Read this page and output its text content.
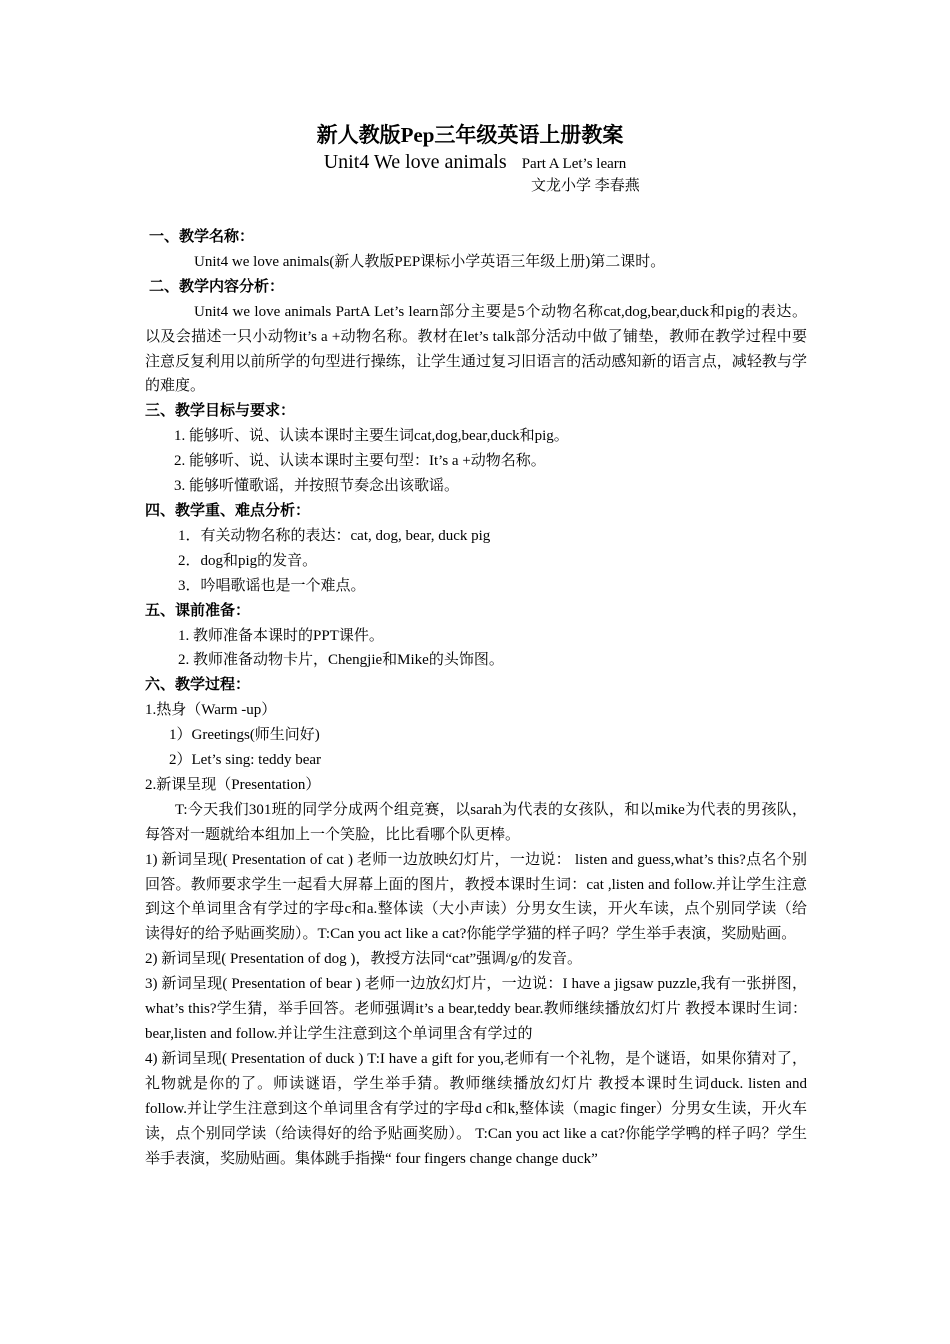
新人教版Pep三年级英语上册教案
Unit4 We love animals Part A Let’s learn
文龙小学 李春燕

一、教学名称：

Unit4 we love animals(新人教版PEP课标小学英语三年级上册)第二课时。

二、教学内容分析：

Unit4 we love animals PartA Let’s learn部分主要是5个动物名称cat,dog,bear,duck和pig的表达。以及会描述一只小动物it’s a +动物名称。教材在let’s talk部分活动中做了铺垫，教师在教学过程中要注意反复利用以前所学的句型进行操练，让学生通过复习旧语言的活动感知新的语言点，减轻教与学的难度。

三、教学目标与要求：

1. 能够听、说、认读本课时主要生词cat,dog,bear,duck和pig。

2. 能够听、说、认读本课时主要句型：It’s a +动物名称。

3. 能够听懂歌谣，并按照节奏念出该歌谣。

四、教学重、难点分析：

1．有关动物名称的表达：cat, dog, bear, duck pig

2．dog和pig的发音。

3．吟唱歌谣也是一个难点。

五、课前准备：

1. 教师准备本课时的PPT课件。

2. 教师准备动物卡片，Chengjie和Mike的头饰图。

六、教学过程：

1.热身（Warm -up）

1）Greetings(师生问好)

2）Let’s sing: teddy bear

2.新课呈现（Presentation）

T:今天我们301班的同学分成两个组竞赛，以sarah为代表的女孩队，和以mike为代表的男孩队，每答对一题就给本组加上一个笑脸，比比看哪个队更棒。

1) 新词呈现( Presentation of cat ) 老师一边放映幻灯片，一边说： listen and guess,what’s this?点名个别回答。教师要求学生一起看大屏幕上面的图片，教授本课时生词：cat ,listen and follow.并让学生注意到这个单词里含有学过的字母c和a.整体读（大小声读）分男女生读，开火车读，点个别同学读（给读得好的给予贴画奖励）。T:Can you act like a cat?你能学学猫的样子吗？学生举手表演，奖励贴画。

2) 新词呈现( Presentation of dog )，教授方法同“cat”强调/g/的发音。

3) 新词呈现( Presentation of bear ) 老师一边放幻灯片，一边说：I have a jigsaw puzzle,我有一张拼图，what’s this?学生猜，举手回答。老师强调it’s a bear,teddy bear.教师继续播放幻灯片 教授本课时生词：bear,listen and follow.并让学生注意到这个单词里含有学过的

4) 新词呈现( Presentation of duck ) T:I have a gift for you,老师有一个礼物，是个谜语，如果你猜对了，礼物就是你的了。师读谜语，学生举手猜。教师继续播放幻灯片 教授本课时生词duck. listen and follow.并让学生注意到这个单词里含有学过的字母d c和k,整体读（magic finger）分男女生读，开火车读，点个别同学读（给读得好的给予贴画奖励）。 T:Can you act like a cat?你能学学鸭的样子吗？学生举手表演，奖励贴画。集体跳手指操“ four fingers change change duck”
